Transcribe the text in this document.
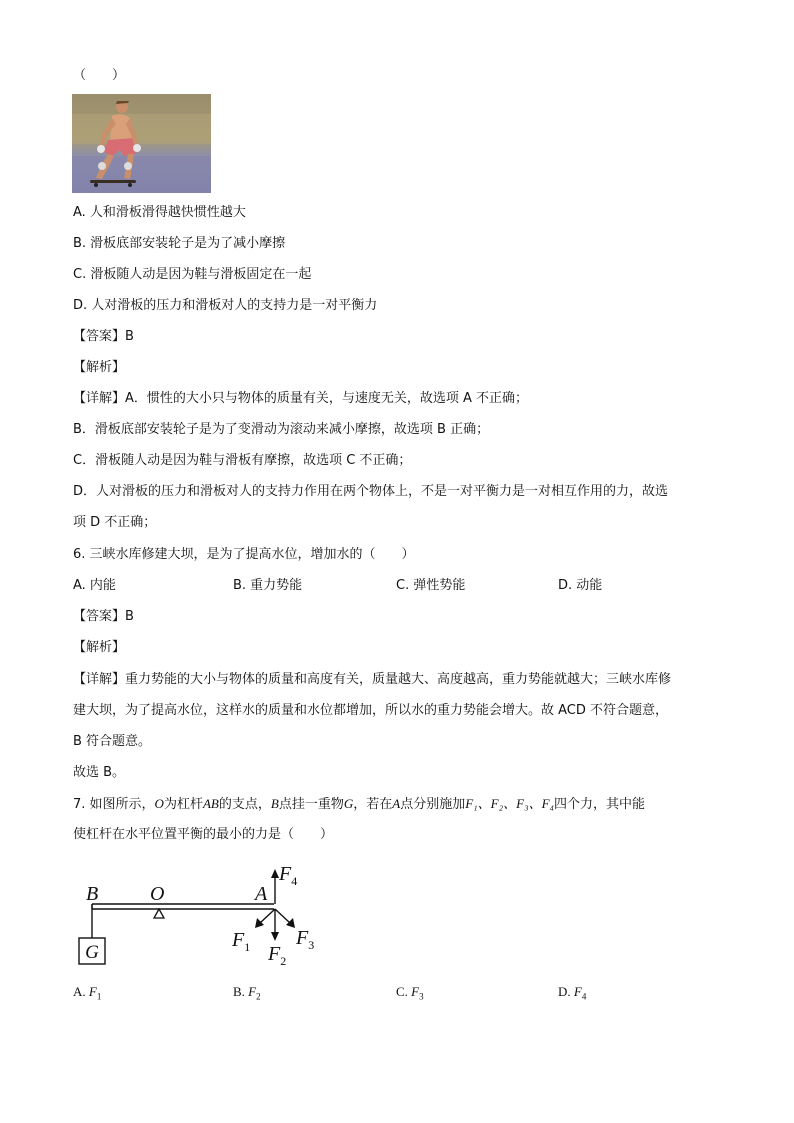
（　　）
A. 人和滑板滑得越快惯性越大
B. 滑板底部安装轮子是为了减小摩擦
C. 滑板随人动是因为鞋与滑板固定在一起
D. 人对滑板的压力和滑板对人的支持力是一对平衡力
【答案】B
【解析】
【详解】A．惯性的大小只与物体的质量有关，与速度无关，故选项 A 不正确；
B．滑板底部安装轮子是为了变滑动为滚动来减小摩擦，故选项 B 正确；
C．滑板随人动是因为鞋与滑板有摩擦，故选项 C 不正确；
D．人对滑板的压力和滑板对人的支持力作用在两个物体上，不是一对平衡力是一对相互作用的力，故选
项 D 不正确；
6. 三峡水库修建大坝，是为了提高水位，增加水的（　　）
A. 内能	B. 重力势能	C. 弹性势能	D. 动能
【答案】B
【解析】
【详解】重力势能的大小与物体的质量和高度有关，质量越大、高度越高，重力势能就越大；三峡水库修
建大坝，为了提高水位，这样水的质量和水位都增加，所以水的重力势能会增大。故 ACD 不符合题意，
B 符合题意。
故选 B。
7. 如图所示，O为杠杆AB的支点，B点挂一重物G，若在A点分别施加F₁、F₂、F₃、F₄四个力，其中能
使杠杆在水平位置平衡的最小的力是（　　）
G
B	O	A
$F_4$
$F_1$ $F_2$
$F_3$
A. $F_1$	B. $F_2$	C. $F_3$	D. $F_4$
